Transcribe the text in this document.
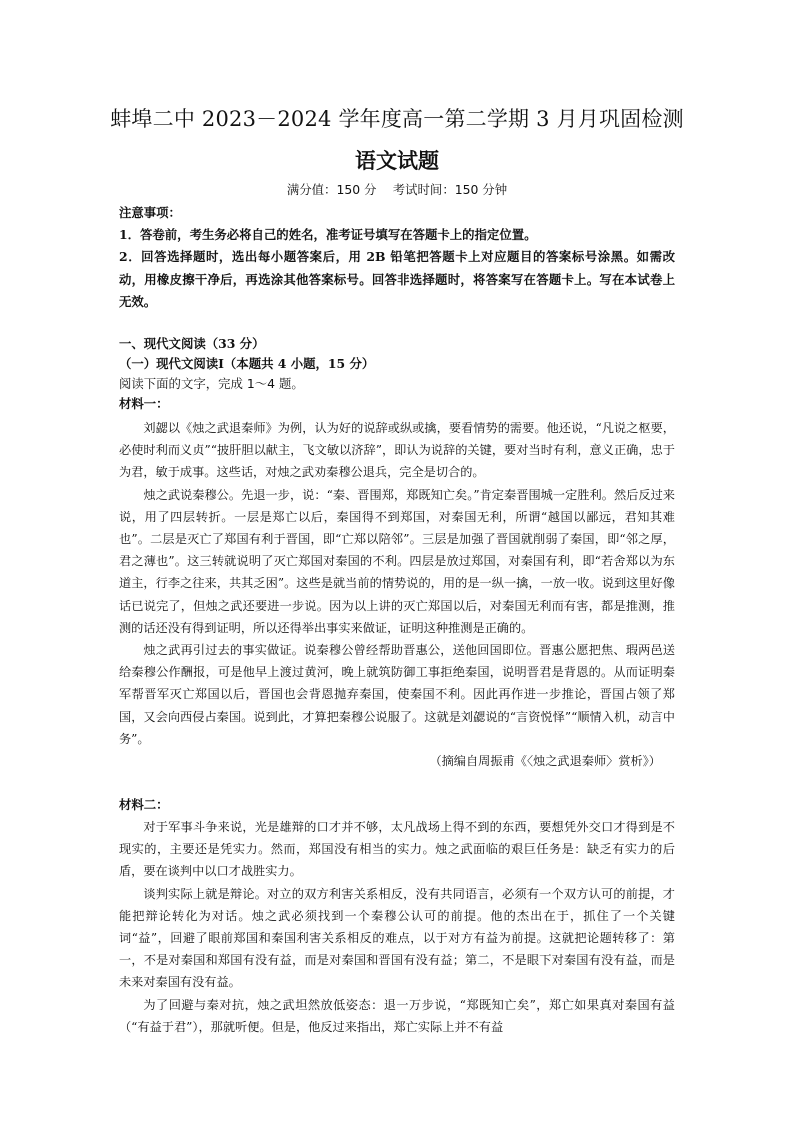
蚌埠二中 2023－2024 学年度高一第二学期 3 月月巩固检测
语文试题
满分值：150 分　 考试时间：150 分钟
注意事项：
1．答卷前，考生务必将自己的姓名，准考证号填写在答题卡上的指定位置。
2．回答选择题时，选出每小题答案后，用 2B 铅笔把答题卡上对应题目的答案标号涂黑。如需改动，用橡皮擦干净后，再选涂其他答案标号。回答非选择题时，将答案写在答题卡上。写在本试卷上无效。
一、现代文阅读（33 分）
（一）现代文阅读Ⅰ（本题共 4 小题，15 分）
阅读下面的文字，完成 1～4 题。
材料一：

刘勰以《烛之武退秦师》为例，认为好的说辞或纵或擒，要看情势的需要。他还说，“凡说之枢要，必使时利而义贞”“披肝胆以献主，飞文敏以济辞”，即认为说辞的关键，要对当时有利，意义正确，忠于为君，敏于成事。这些话，对烛之武劝秦穆公退兵，完全是切合的。

烛之武说秦穆公。先退一步，说：“秦、晋围郑，郑既知亡矣。”肯定秦晋围城一定胜利。然后反过来说，用了四层转折。一层是郑亡以后，秦国得不到郑国，对秦国无利，所谓“越国以鄙远，君知其难也”。二层是灭亡了郑国有利于晋国，即“亡郑以陪邻”。三层是加强了晋国就削弱了秦国，即“邻之厚，君之薄也”。这三转就说明了灭亡郑国对秦国的不利。四层是放过郑国，对秦国有利，即“若舍郑以为东道主，行李之往来，共其乏困”。这些是就当前的情势说的，用的是一纵一擒，一放一收。说到这里好像话已说完了，但烛之武还要进一步说。因为以上讲的灭亡郑国以后，对秦国无利而有害，都是推测，推测的话还没有得到证明，所以还得举出事实来做证，证明这种推测是正确的。

烛之武再引过去的事实做证。说秦穆公曾经帮助晋惠公，送他回国即位。晋惠公愿把焦、瑕两邑送给秦穆公作酬报，可是他早上渡过黄河，晚上就筑防御工事拒绝秦国，说明晋君是背恩的。从而证明秦军帮晋军灭亡郑国以后，晋国也会背恩抛弃秦国，使秦国不利。因此再作进一步推论，晋国占领了郑国，又会向西侵占秦国。说到此，才算把秦穆公说服了。这就是刘勰说的“言资悦怿”“顺情入机，动言中务”。

（摘编自周振甫《〈烛之武退秦师〉赏析》）

材料二：

对于军事斗争来说，光是雄辩的口才并不够，太凡战场上得不到的东西，要想凭外交口才得到是不现实的，主要还是凭实力。然而，郑国没有相当的实力。烛之武面临的艰巨任务是：缺乏有实力的后盾，要在谈判中以口才战胜实力。

谈判实际上就是辩论。对立的双方利害关系相反，没有共同语言，必须有一个双方认可的前提，才能把辩论转化为对话。烛之武必须找到一个秦穆公认可的前提。他的杰出在于，抓住了一个关键词“益”，回避了眼前郑国和秦国利害关系相反的难点，以于对方有益为前提。这就把论题转移了：第一，不是对秦国和郑国有没有益，而是对秦国和晋国有没有益；第二，不是眼下对秦国有没有益，而是未来对秦国有没有益。

为了回避与秦对抗，烛之武坦然放低姿态：退一万步说，“郑既知亡矣”，郑亡如果真对秦国有益（“有益于君”），那就听便。但是，他反过来指出，郑亡实际上并不有益
